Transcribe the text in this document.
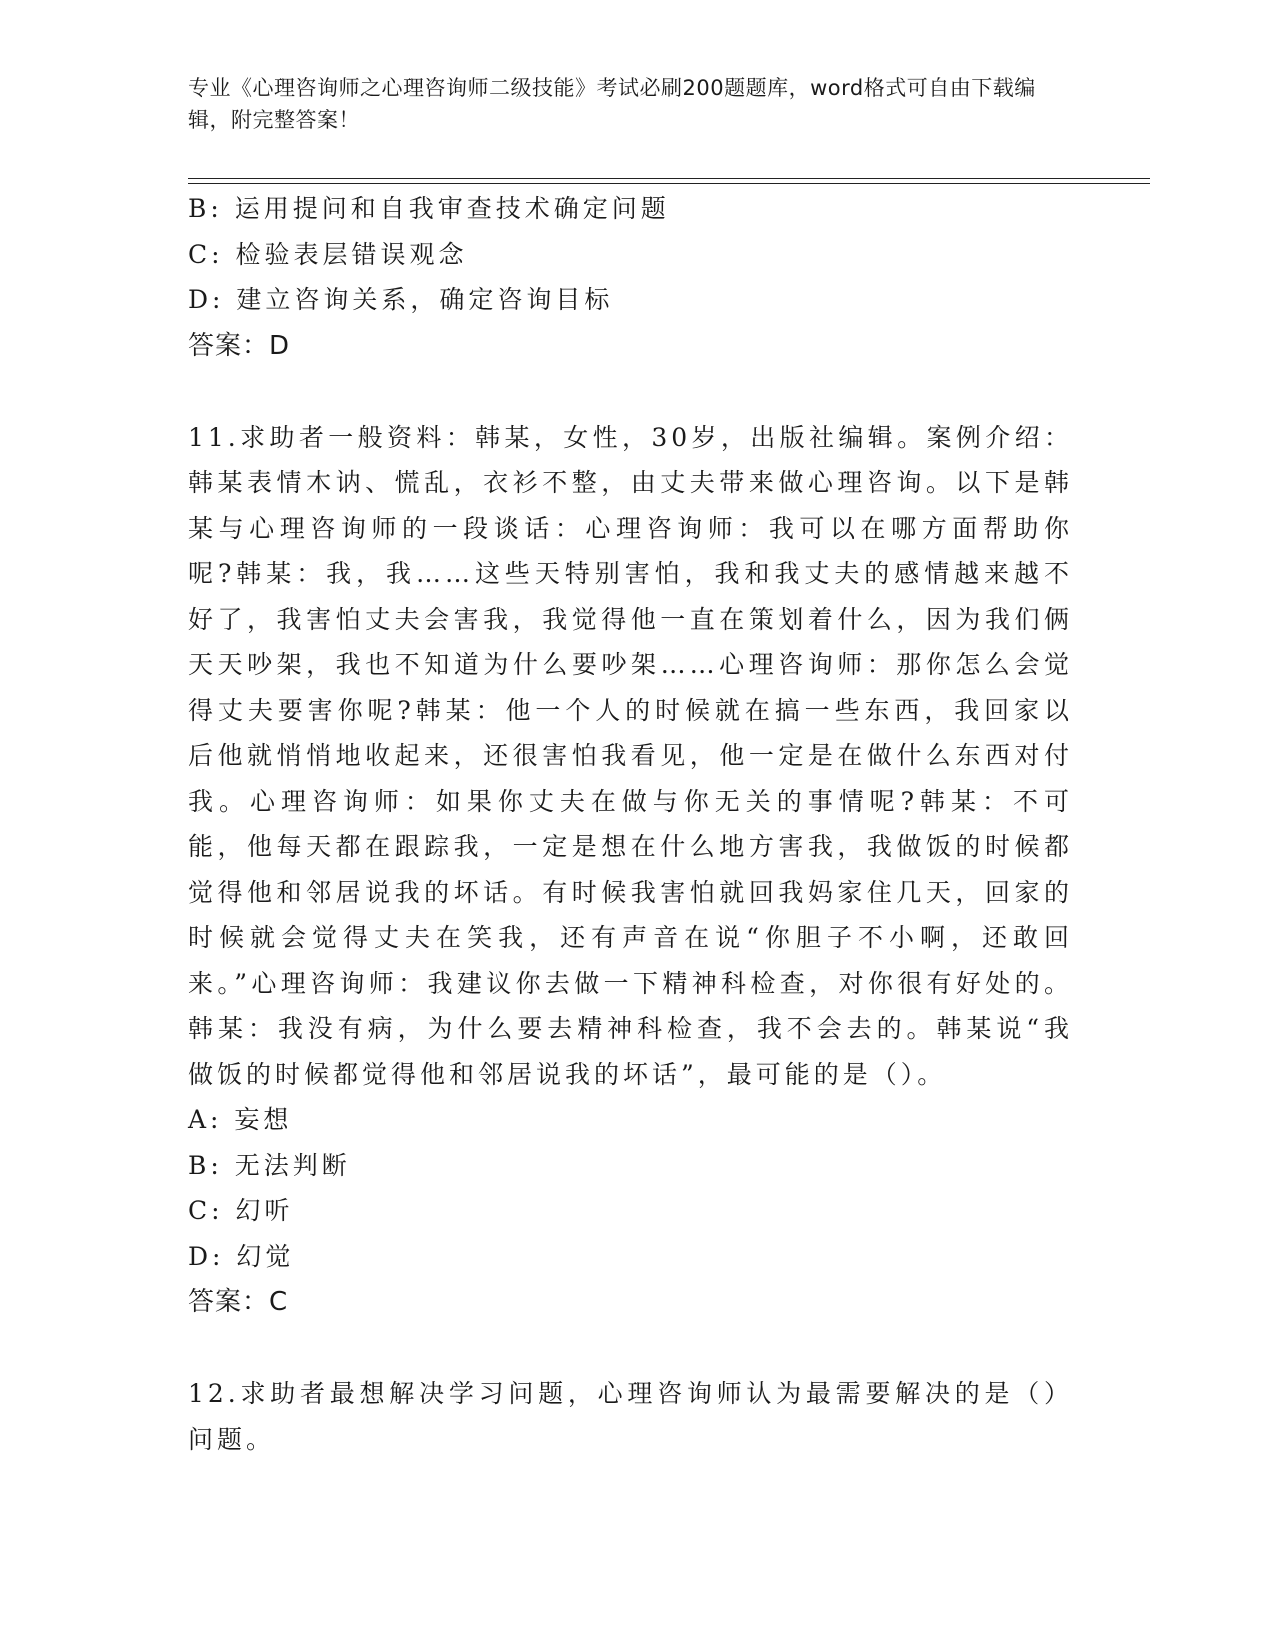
专业《心理咨询师之心理咨询师二级技能》考试必刷200题题库，word格式可自由下载编辑，附完整答案！
B: 运用提问和自我审查技术确定问题
C: 检验表层错误观念
D: 建立咨询关系，确定咨询目标
答案：D
11.求助者一般资料：韩某，女性，30岁，出版社编辑。案例介绍：韩某表情木讷、慌乱，衣衫不整，由丈夫带来做心理咨询。以下是韩某与心理咨询师的一段谈话：心理咨询师：我可以在哪方面帮助你呢?韩某：我，我……这些天特别害怕，我和我丈夫的感情越来越不好了，我害怕丈夫会害我，我觉得他一直在策划着什么，因为我们俩天天吵架，我也不知道为什么要吵架……心理咨询师：那你怎么会觉得丈夫要害你呢?韩某：他一个人的时候就在搞一些东西，我回家以后他就悄悄地收起来，还很害怕我看见，他一定是在做什么东西对付我。心理咨询师：如果你丈夫在做与你无关的事情呢?韩某：不可能，他每天都在跟踪我，一定是想在什么地方害我，我做饭的时候都觉得他和邻居说我的坏话。有时候我害怕就回我妈家住几天，回家的时候就会觉得丈夫在笑我，还有声音在说“你胆子不小啊，还敢回来。”心理咨询师：我建议你去做一下精神科检查，对你很有好处的。韩某：我没有病，为什么要去精神科检查，我不会去的。韩某说“我做饭的时候都觉得他和邻居说我的坏话”，最可能的是（）。
A: 妄想
B: 无法判断
C: 幻听
D: 幻觉
答案：C
12.求助者最想解决学习问题，心理咨询师认为最需要解决的是（）问题。
